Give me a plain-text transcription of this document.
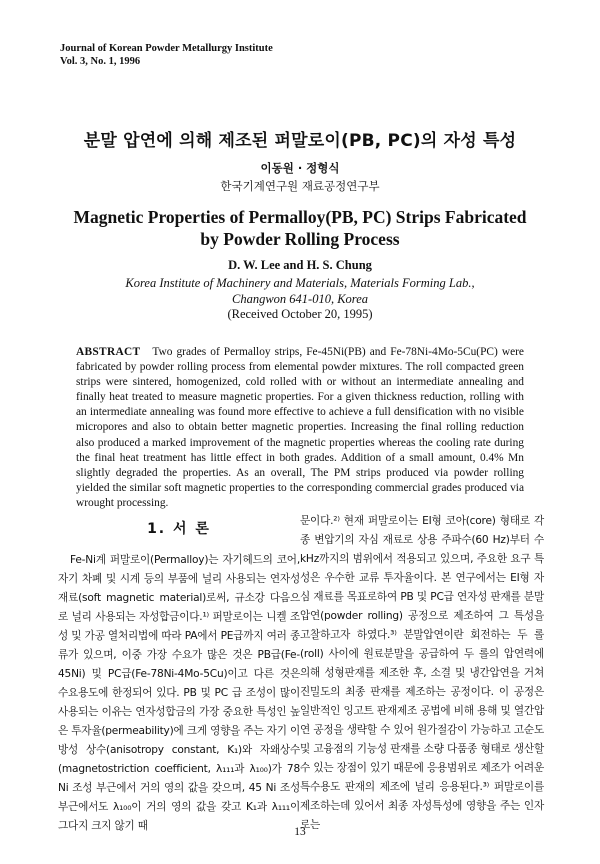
Journal of Korean Powder Metallurgy Institute
Vol. 3, No. 1, 1996
분말 압연에 의해 제조된 퍼말로이(PB, PC)의 자성 특성
이동원 · 정형식
한국기계연구원 재료공정연구부
Magnetic Properties of Permalloy(PB, PC) Strips Fabricated
by Powder Rolling Process
D. W. Lee and H. S. Chung
Korea Institute of Machinery and Materials, Materials Forming Lab.,
Changwon 641-010, Korea
(Received October 20, 1995)
ABSTRACT Two grades of Permalloy strips, Fe-45Ni(PB) and Fe-78Ni-4Mo-5Cu(PC) were fabricated by powder rolling process from elemental powder mixtures. The roll compacted green strips were sintered, homogenized, cold rolled with or without an intermediate annealing and finally heat treated to measure magnetic properties. For a given thickness reduction, rolling with an intermediate annealing was found more effective to achieve a full densification with no visible micropores and also to obtain better magnetic properties. Increasing the final rolling reduction also produced a marked improvement of the magnetic properties whereas the cooling rate during the final heat treatment has little effect in both grades. Addition of a small amount, 0.4% Mn slightly degraded the properties. As an overall, The PM strips produced via powder rolling yielded the similar soft magnetic properties to the corresponding commercial grades produced via wrought processing.
1. 서 론

Fe-Ni계 퍼말로이(Permalloy)는 자기헤드의 코어, 자기 차폐 및 시계 등의 부품에 널리 사용되는 연자성 재료(soft magnetic material)로써, 규소강 다음으로 널리 사용되는 자성합금이다.¹⁾ 퍼말로이는 니켈 조성 및 가공 열처리법에 따라 PA에서 PE급까지 여러 종류가 있으며, 이중 가장 수요가 많은 것은 PB급(Fe-45Ni) 및 PC급(Fe-78Ni-4Mo-5Cu)이고 다른 것은 수요용도에 한정되어 있다. PB 및 PC 급 조성이 많이 사용되는 이유는 연자성합금의 가장 중요한 특성인 높은 투자율(permeability)에 크게 영향을 주는 자기 이방성 상수(anisotropy constant, K₁)와 자왜상수(magnetostriction coefficient, λ₁₁₁과 λ₁₀₀)가 78 Ni 조성 부근에서 거의 영의 값을 갖으며, 45 Ni 조성 부근에서도 λ₁₀₀이 거의 영의 값을 갖고 K₁과 λ₁₁₁이 그다지 크지 않기 때

문이다.²⁾ 현재 퍼말로이는 EI형 코아(core) 형태로 각종 변압기의 자심 재료로 상용 주파수(60 Hz)부터 수 kHz까지의 범위에서 적용되고 있으며, 주요한 요구 특성은 우수한 교류 투자율이다. 본 연구에서는 EI형 자심 재료를 목표로하여 PB 및 PC급 연자성 판재를 분말압연(powder rolling) 공정으로 제조하여 그 특성을 고찰하고자 하였다.³⁾ 분말압연이란 회전하는 두 롤(roll) 사이에 원료분말을 공급하여 두 롤의 압연력에 의해 성형판재를 제조한 후, 소결 및 냉간압연을 거쳐 진밀도의 최종 판재를 제조하는 공정이다. 이 공정은 일반적인 잉고트 판재제조 공법에 비해 용해 및 열간압연 공정을 생략할 수 있어 원가절감이 가능하고 고순도 및 고융점의 기능성 판재를 소량 다품종 형태로 생산할 수 있는 장점이 있기 때문에 응용범위로 제조가 어려운 특수용도 판재의 제조에 널리 응용된다.³⁾ 퍼말로이를 제조하는데 있어서 최종 자성특성에 영향을 주는 인자로는

13
